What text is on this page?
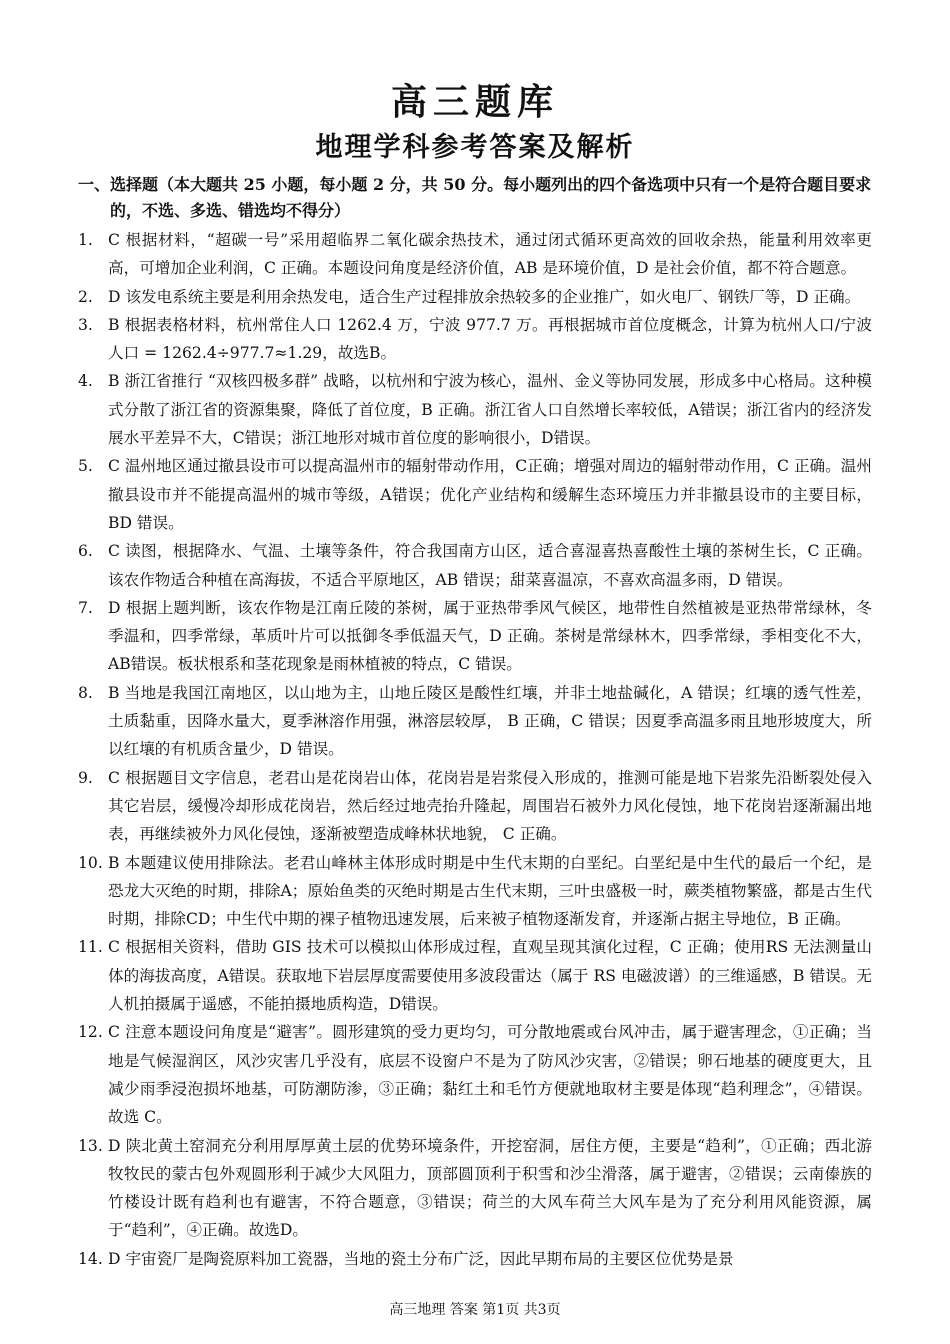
高三题库
地理学科参考答案及解析
一、选择题（本大题共 25 小题，每小题 2 分，共 50 分。每小题列出的四个备选项中只有一个是符合题目要求的，不选、多选、错选均不得分）
1. C 根据材料，“超碳一号”采用超临界二氧化碳余热技术，通过闭式循环更高效的回收余热，能量利用效率更高，可增加企业利润，C 正确。本题设问角度是经济价值，AB 是环境价值，D 是社会价值，都不符合题意。
2. D 该发电系统主要是利用余热发电，适合生产过程排放余热较多的企业推广，如火电厂、钢铁厂等，D 正确。
3. B 根据表格材料，杭州常住人口 1262.4 万，宁波 977.7 万。再根据城市首位度概念，计算为杭州人口/宁波人口 = 1262.4÷977.7≈1.29，故选B。
4. B 浙江省推行 “双核四极多群” 战略，以杭州和宁波为核心，温州、金义等协同发展，形成多中心格局。这种模式分散了浙江省的资源集聚，降低了首位度，B 正确。浙江省人口自然增长率较低，A错误；浙江省内的经济发展水平差异不大，C错误；浙江地形对城市首位度的影响很小，D错误。
5. C 温州地区通过撤县设市可以提高温州市的辐射带动作用，C正确；增强对周边的辐射带动作用，C 正确。温州撤县设市并不能提高温州的城市等级，A错误；优化产业结构和缓解生态环境压力并非撤县设市的主要目标，BD 错误。
6. C 读图，根据降水、气温、土壤等条件，符合我国南方山区，适合喜湿喜热喜酸性土壤的茶树生长，C 正确。该农作物适合种植在高海拔，不适合平原地区，AB 错误；甜菜喜温凉，不喜欢高温多雨，D 错误。
7. D 根据上题判断，该农作物是江南丘陵的茶树，属于亚热带季风气候区，地带性自然植被是亚热带常绿林，冬季温和，四季常绿，革质叶片可以抵御冬季低温天气，D 正确。茶树是常绿林木，四季常绿，季相变化不大，AB错误。板状根系和茎花现象是雨林植被的特点，C 错误。
8. B 当地是我国江南地区，以山地为主，山地丘陵区是酸性红壤，并非土地盐碱化，A 错误；红壤的透气性差，土质黏重，因降水量大，夏季淋溶作用强，淋溶层较厚， B 正确，C 错误；因夏季高温多雨且地形坡度大，所以红壤的有机质含量少，D 错误。
9. C 根据题目文字信息，老君山是花岗岩山体，花岗岩是岩浆侵入形成的，推测可能是地下岩浆先沿断裂处侵入其它岩层，缓慢冷却形成花岗岩，然后经过地壳抬升隆起，周围岩石被外力风化侵蚀，地下花岗岩逐渐漏出地表，再继续被外力风化侵蚀，逐渐被塑造成峰林状地貌， C 正确。
10. B 本题建议使用排除法。老君山峰林主体形成时期是中生代末期的白垩纪。白垩纪是中生代的最后一个纪，是恐龙大灭绝的时期，排除A；原始鱼类的灭绝时期是古生代末期，三叶虫盛极一时，蕨类植物繁盛，都是古生代时期，排除CD；中生代中期的裸子植物迅速发展，后来被子植物逐渐发育，并逐渐占据主导地位，B 正确。
11. C 根据相关资料，借助 GIS 技术可以模拟山体形成过程，直观呈现其演化过程，C 正确；使用RS 无法测量山体的海拔高度，A错误。获取地下岩层厚度需要使用多波段雷达（属于 RS 电磁波谱）的三维遥感，B 错误。无人机拍摄属于遥感，不能拍摄地质构造，D错误。
12. C 注意本题设问角度是“避害”。圆形建筑的受力更均匀，可分散地震或台风冲击，属于避害理念，①正确；当地是气候湿润区，风沙灾害几乎没有，底层不设窗户不是为了防风沙灾害，②错误；卵石地基的硬度更大，且减少雨季浸泡损坏地基，可防潮防渗，③正确；黏红土和毛竹方便就地取材主要是体现“趋利理念”，④错误。故选 C。
13. D 陕北黄土窑洞充分利用厚厚黄土层的优势环境条件，开挖窑洞，居住方便，主要是“趋利”，①正确；西北游牧牧民的蒙古包外观圆形利于减少大风阻力，顶部圆顶利于积雪和沙尘滑落，属于避害，②错误；云南傣族的竹楼设计既有趋利也有避害，不符合题意，③错误；荷兰的大风车荷兰大风车是为了充分利用风能资源，属于“趋利”，④正确。故选D。
14. D 宇宙瓷厂是陶瓷原料加工瓷器，当地的瓷土分布广泛，因此早期布局的主要区位优势是景
高三地理 答案 第1页 共3页
